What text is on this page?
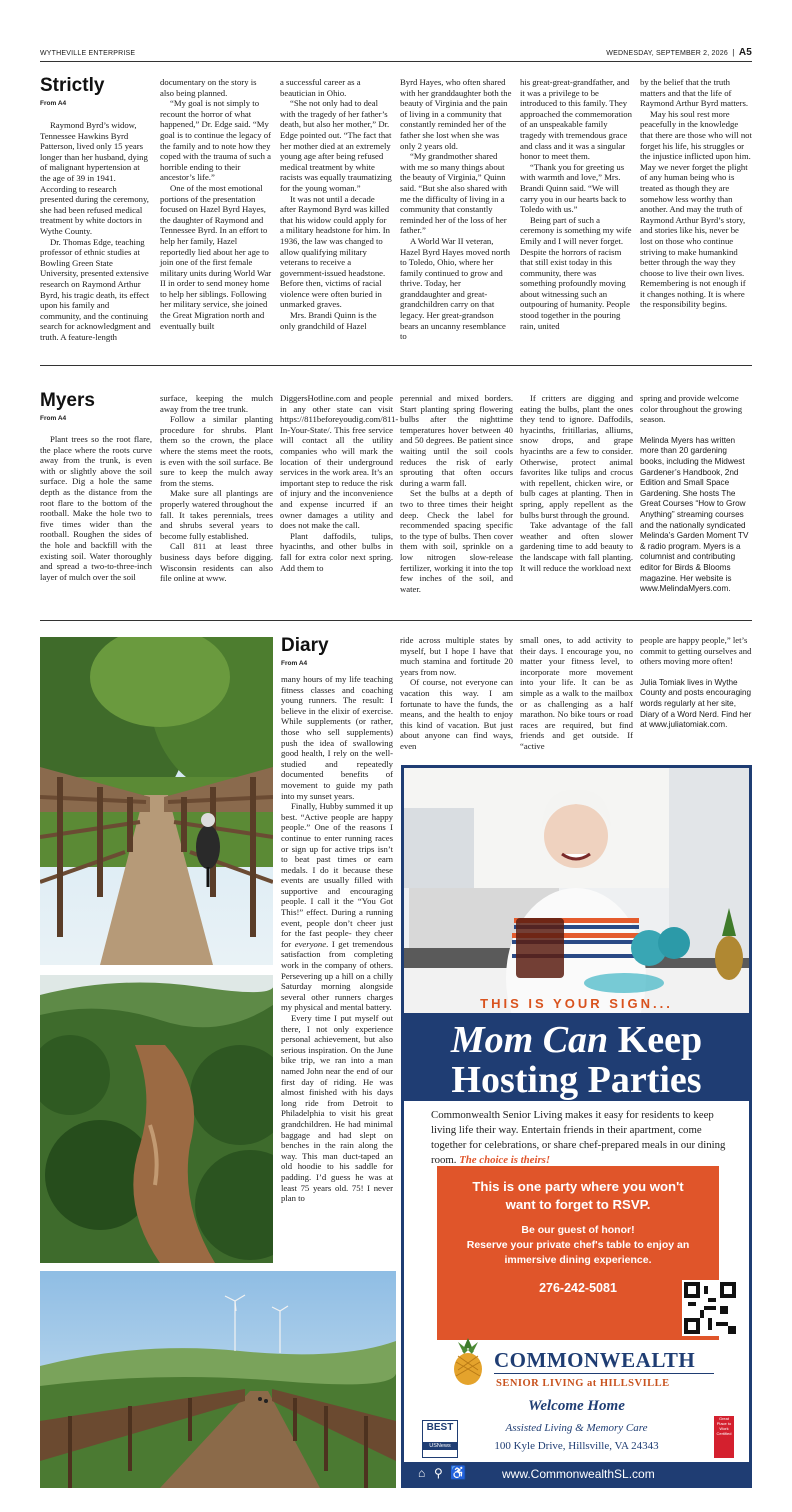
WYTHEVILLE ENTERPRISE	WEDNESDAY, SEPTEMBER 2, 2026 | A5
Strictly
From A4

Raymond Byrd’s widow, Tennessee Hawkins Byrd Patterson, lived only 15 years longer than her husband, dying of malignant hypertension at the age of 39 in 1941. According to research presented during the ceremony, she had been refused medical treatment by white doctors in Wythe County.

Dr. Thomas Edge, teaching professor of ethnic studies at Bowling Green State University, presented extensive research on Raymond Arthur Byrd, his tragic death, its effect upon his family and community, and the continuing search for acknowledgment and truth. A feature-length

documentary on the story is also being planned.

“My goal is not simply to recount the horror of what happened,” Dr. Edge said. “My goal is to continue the legacy of the family and to note how they coped with the trauma of such a horrible ending to their ancestor’s life.”

One of the most emotional portions of the presentation focused on Hazel Byrd Hayes, the daughter of Raymond and Tennessee Byrd. In an effort to help her family, Hazel reportedly lied about her age to join one of the first female military units during World War II in order to send money home to help her siblings. Following her military service, she joined the Great Migration north and eventually built

a successful career as a beautician in Ohio.

“She not only had to deal with the tragedy of her father’s death, but also her mother,” Dr. Edge pointed out. “The fact that her mother died at an extremely young age after being refused medical treatment by white racists was equally traumatizing for the young woman.”

It was not until a decade after Raymond Byrd was killed that his widow could apply for a military headstone for him. In 1936, the law was changed to allow qualifying military veterans to receive a government-issued headstone. Before then, victims of racial violence were often buried in unmarked graves.

Mrs. Brandi Quinn is the only grandchild of Hazel

Byrd Hayes, who often shared with her granddaughter both the beauty of Virginia and the pain of living in a community that constantly reminded her of the father she lost when she was only 2 years old.

“My grandmother shared with me so many things about the beauty of Virginia,” Quinn said. “But she also shared with me the difficulty of living in a community that constantly reminded her of the loss of her father.”

A World War II veteran, Hazel Byrd Hayes moved north to Toledo, Ohio, where her family continued to grow and thrive. Today, her granddaughter and great-grandchildren carry on that legacy. Her great-grandson bears an uncanny resemblance to

his great-great-grandfather, and it was a privilege to be introduced to this family. They approached the commemoration of an unspeakable family tragedy with tremendous grace and class and it was a singular honor to meet them.

“Thank you for greeting us with warmth and love,” Mrs. Brandi Quinn said. “We will carry you in our hearts back to Toledo with us.”

Being part of such a ceremony is something my wife Emily and I will never forget. Despite the horrors of racism that still exist today in this community, there was something profoundly moving about witnessing such an outpouring of humanity. People stood together in the pouring rain, united

by the belief that the truth matters and that the life of Raymond Arthur Byrd matters.

May his soul rest more peacefully in the knowledge that there are those who will not forget his life, his struggles or the injustice inflicted upon him. May we never forget the plight of any human being who is treated as though they are somehow less worthy than another. And may the truth of Raymond Arthur Byrd’s story, and stories like his, never be lost on those who continue striving to make humankind better through the way they choose to live their own lives. Remembering is not enough if it changes nothing. It is where the responsibility begins.

Myers
From A4

Plant trees so the root flare, the place where the roots curve away from the trunk, is even with or slightly above the soil surface. Dig a hole the same depth as the distance from the root flare to the bottom of the rootball. Make the hole two to five times wider than the rootball. Roughen the sides of the hole and backfill with the existing soil. Water thoroughly and spread a two-to-three-inch layer of mulch over the soil

surface, keeping the mulch away from the tree trunk.

Follow a similar planting procedure for shrubs. Plant them so the crown, the place where the stems meet the roots, is even with the soil surface. Be sure to keep the mulch away from the stems.

Make sure all plantings are properly watered throughout the fall. It takes perennials, trees and shrubs several years to become fully established.

Call 811 at least three business days before digging. Wisconsin residents can also file online at www.

DiggersHotline.com and people in any other state can visit https://811beforeyoudig.com/811-In-Your-State/. This free service will contact all the utility companies who will mark the location of their underground services in the work area. It’s an important step to reduce the risk of injury and the inconvenience and expense incurred if an owner damages a utility and does not make the call.

Plant daffodils, tulips, hyacinths, and other bulbs in fall for extra color next spring. Add them to

perennial and mixed borders. Start planting spring flowering bulbs after the nighttime temperatures hover between 40 and 50 degrees. Be patient since waiting until the soil cools reduces the risk of early sprouting that often occurs during a warm fall.

Set the bulbs at a depth of two to three times their height deep. Check the label for recommended spacing specific to the type of bulbs. Then cover them with soil, sprinkle on a low nitrogen slow-release fertilizer, working it into the top few inches of the soil, and water.

If critters are digging and eating the bulbs, plant the ones they tend to ignore. Daffodils, hyacinths, fritillarias, alliums, snow drops, and grape hyacinths are a few to consider. Otherwise, protect animal favorites like tulips and crocus with repellent, chicken wire, or bulb cages at planting. Then in spring, apply repellent as the bulbs burst through the ground.

Take advantage of the fall weather and often slower gardening time to add beauty to the landscape with fall planting. It will reduce the workload next

spring and provide welcome color throughout the growing season.

Melinda Myers has written more than 20 gardening books, including the Midwest Gardener’s Handbook, 2nd Edition and Small Space Gardening. She hosts The Great Courses “How to Grow Anything” streaming courses and the nationally syndicated Melinda’s Garden Moment TV & radio program. Myers is a columnist and contributing editor for Birds & Blooms magazine. Her website is www.MelindaMyers.com.

Diary
From A4

many hours of my life teaching fitness classes and coaching young runners. The result: I believe in the elixir of exercise. While supplements (or rather, those who sell supplements) push the idea of swallowing good health, I rely on the well-studied and repeatedly documented benefits of movement to guide my path into my sunset years.

Finally, Hubby summed it up best. “Active people are happy people.” One of the reasons I continue to enter running races or sign up for active trips isn’t to beat past times or earn medals. I do it because these events are usually filled with supportive and encouraging people. I call it the “You Got This!” effect. During a running event, people don’t cheer just for the fast people- they cheer for everyone. I get tremendous satisfaction from completing work in the company of others. Persevering up a hill on a chilly Saturday morning alongside several other runners charges my physical and mental battery.

Every time I put myself out there, I not only experience personal achievement, but also serious inspiration. On the June bike trip, we ran into a man named John near the end of our first day of riding. He was almost finished with his days long ride from Detroit to Philadelphia to visit his great grandchildren. He had minimal baggage and had slept on benches in the rain along the way. This man duct-taped an old hoodie to his saddle for padding. I’d guess he was at least 75 years old. 75! I never plan to

ride across multiple states by myself, but I hope I have that much stamina and fortitude 20 years from now.

Of course, not everyone can vacation this way. I am fortunate to have the funds, the means, and the health to enjoy this kind of vacation. But just about anyone can find ways, even

small ones, to add activity to their days. I encourage you, no matter your fitness level, to incorporate more movement into your life. It can be as simple as a walk to the mailbox or as challenging as a half marathon. No bike tours or road races are required, but find friends and get outside. If “active

people are happy people,” let’s commit to getting ourselves and others moving more often!

Julia Tomiak lives in Wythe County and posts encouraging words regularly at her site, Diary of a Word Nerd. Find her at www.juliatomiak.com.

THIS IS YOUR SIGN...
Mom Can Keep
Hosting Parties
Commonwealth Senior Living makes it easy for residents to keep living life their way. Entertain friends in their apartment, come together for celebrations, or share chef-prepared meals in our dining room. The choice is theirs!
This is one party where you won't
want to forget to RSVP.
Be our guest of honor!
Reserve your private chef's table to enjoy an
immersive dining experience.
276-242-5081
COMMONWEALTH
SENIOR LIVING at HILLSVILLE
Welcome Home
Assisted Living & Memory Care
100 Kyle Drive, Hillsville, VA 24343
BEST
USNews
Great Place to Work Certified
⌂ ⚲ ♿	www.CommonwealthSL.com
